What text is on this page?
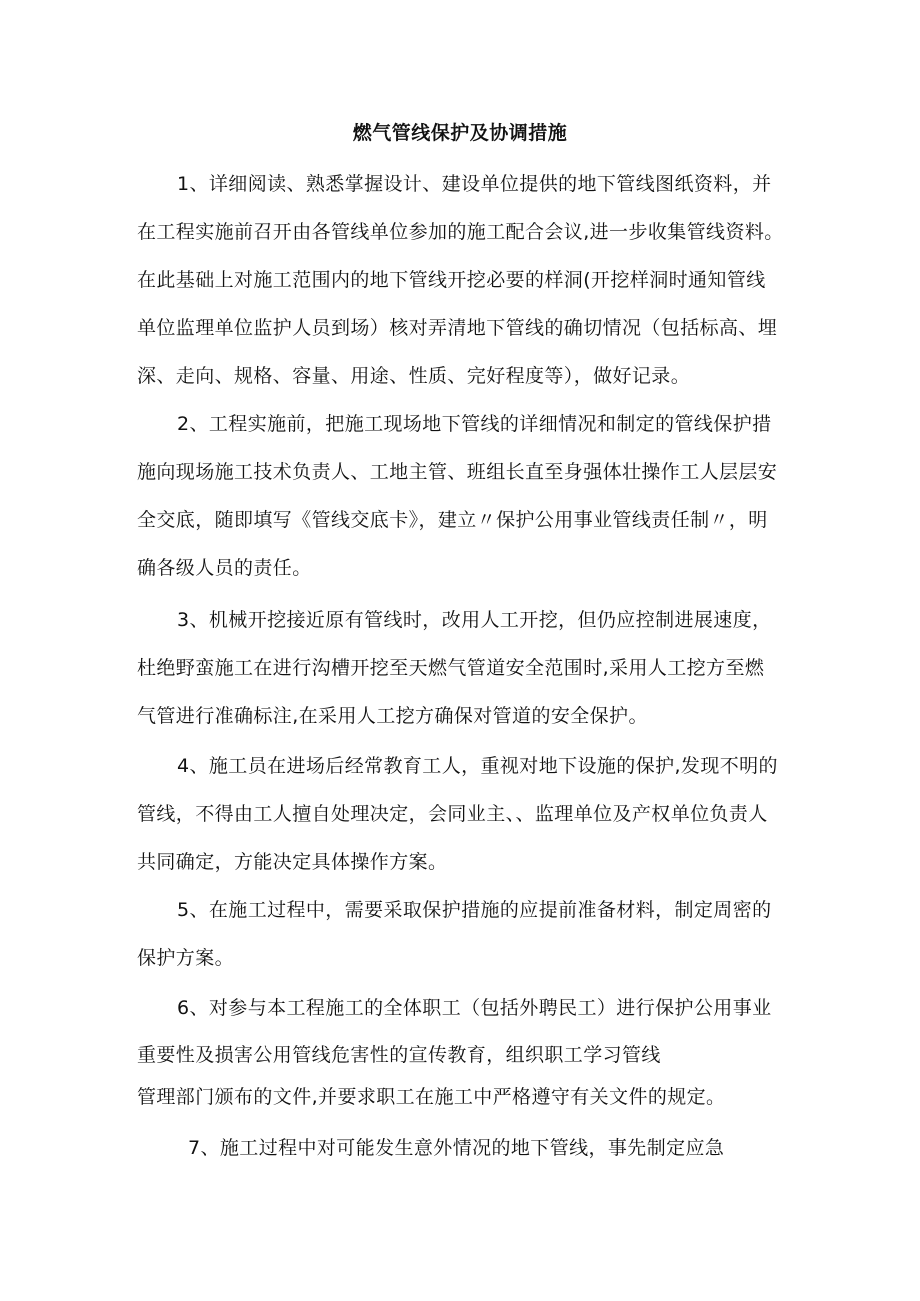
燃气管线保护及协调措施
1、详细阅读、熟悉掌握设计、建设单位提供的地下管线图纸资料，并
在工程实施前召开由各管线单位参加的施工配合会议,进一步收集管线资料。
在此基础上对施工范围内的地下管线开挖必要的样洞(开挖样洞时通知管线
单位监理单位监护人员到场）核对弄清地下管线的确切情况（包括标高、埋
深、走向、规格、容量、用途、性质、完好程度等），做好记录。
2、工程实施前，把施工现场地下管线的详细情况和制定的管线保护措
施向现场施工技术负责人、工地主管、班组长直至身强体壮操作工人层层安
全交底，随即填写《管线交底卡》，建立〃保护公用事业管线责任制〃，明
确各级人员的责任。
3、机械开挖接近原有管线时，改用人工开挖，但仍应控制进展速度，
杜绝野蛮施工在进行沟槽开挖至天燃气管道安全范围时,采用人工挖方至燃
气管进行准确标注,在采用人工挖方确保对管道的安全保护。
4、施工员在进场后经常教育工人，重视对地下设施的保护,发现不明的
管线，不得由工人擅自处理决定，会同业主、、监理单位及产权单位负责人
共同确定，方能决定具体操作方案。
5、在施工过程中，需要采取保护措施的应提前准备材料，制定周密的
保护方案。
6、对参与本工程施工的全体职工（包括外聘民工）进行保护公用事业
重要性及损害公用管线危害性的宣传教育，组织职工学习管线
管理部门颁布的文件,并要求职工在施工中严格遵守有关文件的规定。
7、施工过程中对可能发生意外情况的地下管线，事先制定应急
